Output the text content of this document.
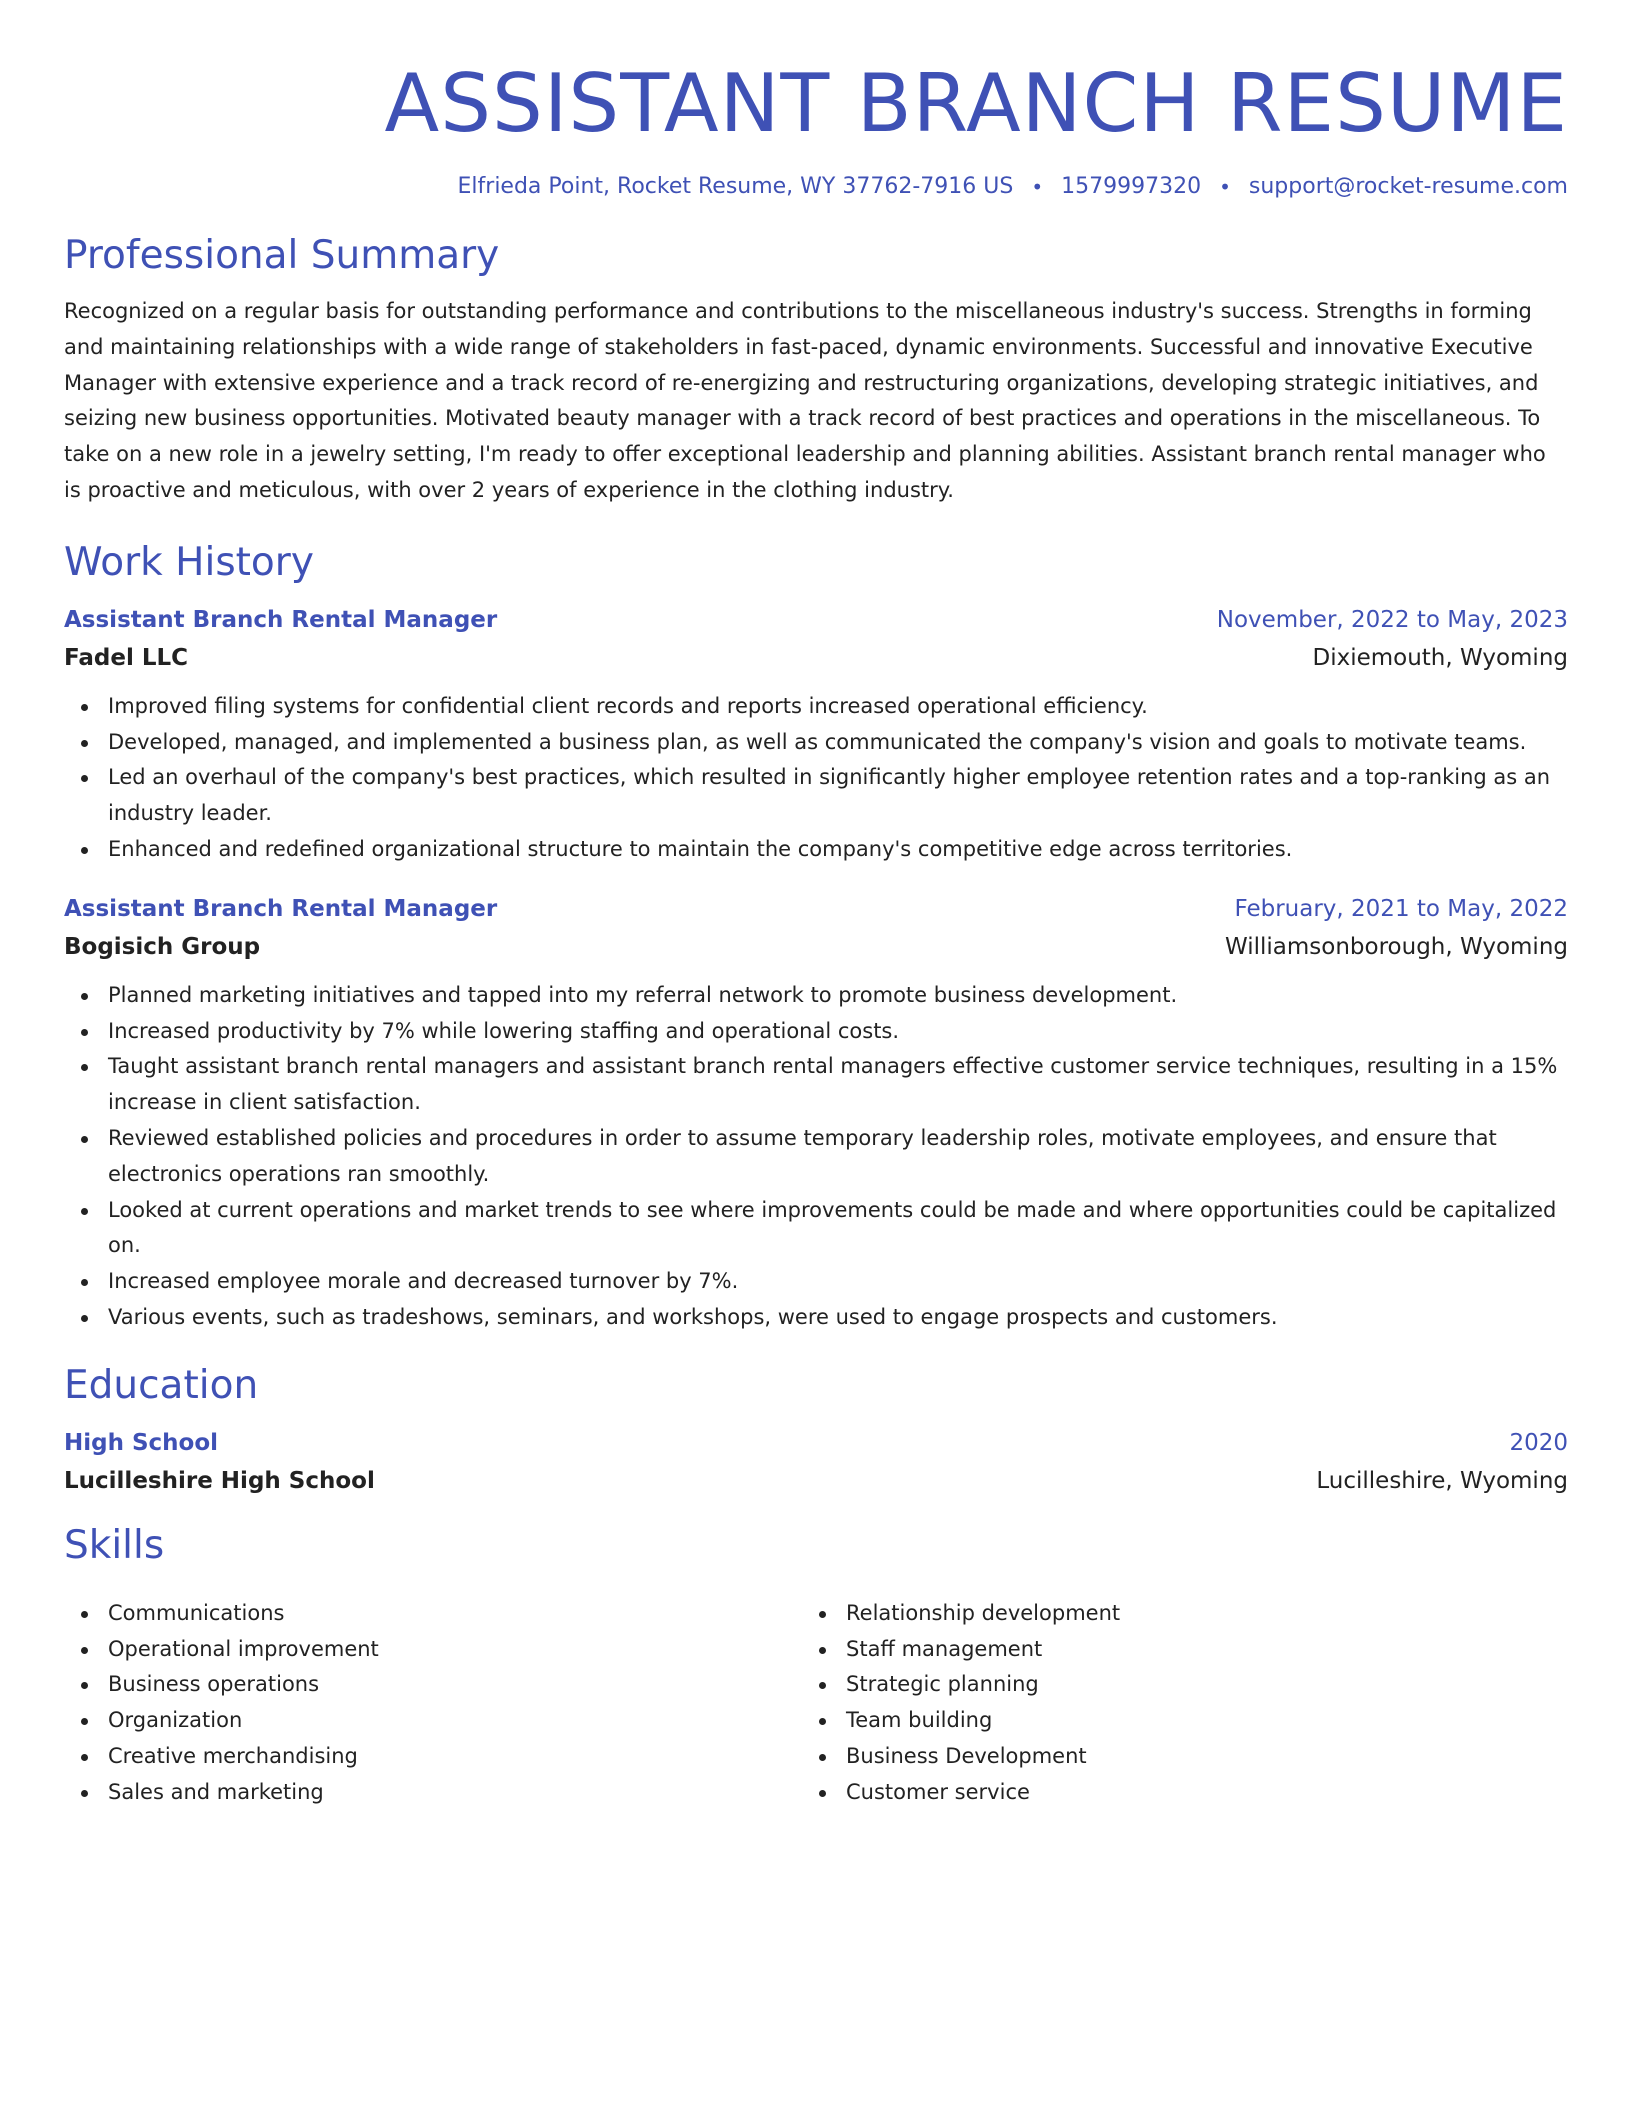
ASSISTANT BRANCH RESUME
Elfrieda Point, Rocket Resume, WY 37762-7916 US • 1579997320 • support@rocket-resume.com
Professional Summary

Recognized on a regular basis for outstanding performance and contributions to the miscellaneous industry's success. Strengths in forming and maintaining relationships with a wide range of stakeholders in fast-paced, dynamic environments. Successful and innovative Executive Manager with extensive experience and a track record of re-energizing and restructuring organizations, developing strategic initiatives, and seizing new business opportunities. Motivated beauty manager with a track record of best practices and operations in the miscellaneous. To take on a new role in a jewelry setting, I'm ready to offer exceptional leadership and planning abilities. Assistant branch rental manager who is proactive and meticulous, with over 2 years of experience in the clothing industry.

Work History
Assistant Branch Rental Manager	November, 2022 to May, 2023
Fadel LLC	Dixiemouth, Wyoming
Improved filing systems for confidential client records and reports increased operational efficiency.
Developed, managed, and implemented a business plan, as well as communicated the company's vision and goals to motivate teams.
Led an overhaul of the company's best practices, which resulted in significantly higher employee retention rates and a top-ranking as an industry leader.
Enhanced and redefined organizational structure to maintain the company's competitive edge across territories.
Assistant Branch Rental Manager	February, 2021 to May, 2022
Bogisich Group	Williamsonborough, Wyoming
Planned marketing initiatives and tapped into my referral network to promote business development.
Increased productivity by 7% while lowering staffing and operational costs.
Taught assistant branch rental managers and assistant branch rental managers effective customer service techniques, resulting in a 15% increase in client satisfaction.
Reviewed established policies and procedures in order to assume temporary leadership roles, motivate employees, and ensure that electronics operations ran smoothly.
Looked at current operations and market trends to see where improvements could be made and where opportunities could be capitalized on.
Increased employee morale and decreased turnover by 7%.
Various events, such as tradeshows, seminars, and workshops, were used to engage prospects and customers.
Education
High School	2020
Lucilleshire High School	Lucilleshire, Wyoming
Skills
Communications
Operational improvement
Business operations
Organization
Creative merchandising
Sales and marketing
Relationship development
Staff management
Strategic planning
Team building
Business Development
Customer service
